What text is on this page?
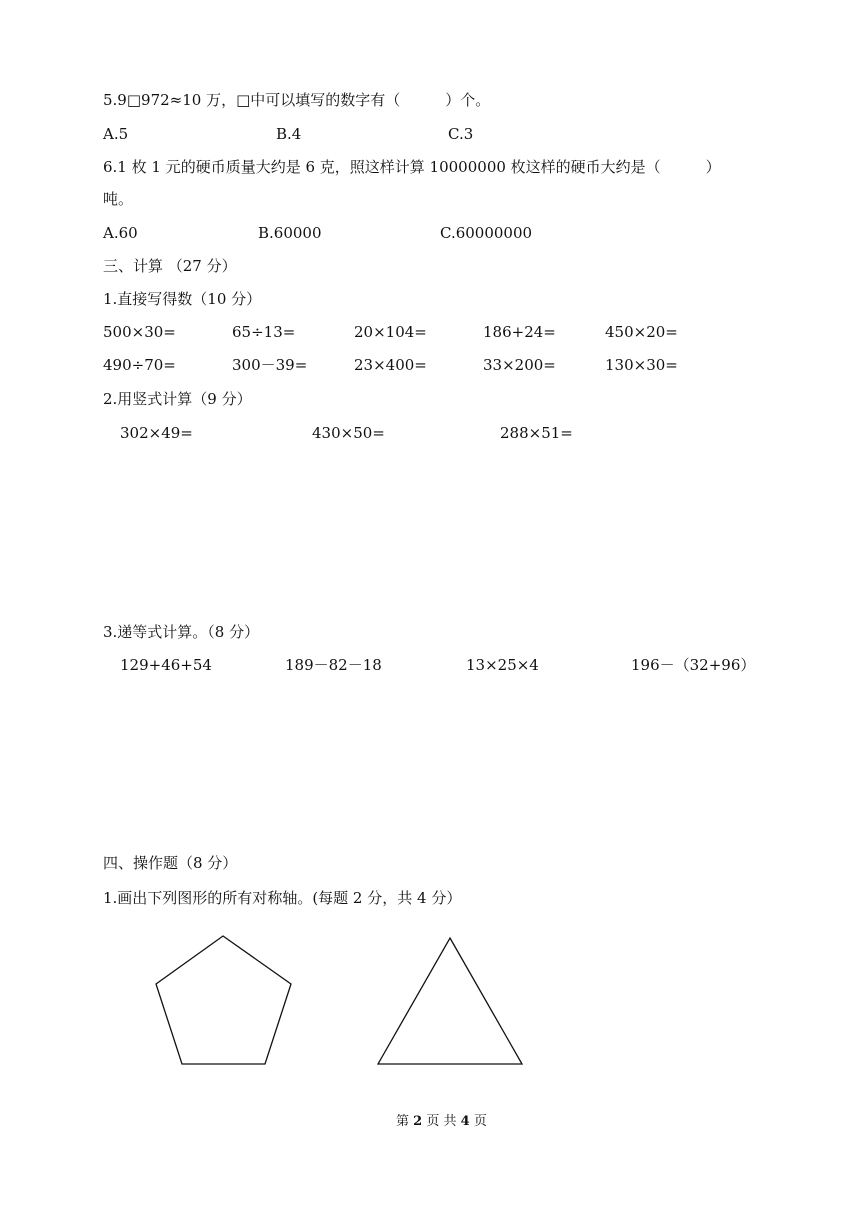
5.9□972≈10 万，□中可以填写的数字有（　　　）个。
A.5	B.4	C.3
6.1 枚 1 元的硬币质量大约是 6 克，照这样计算 10000000 枚这样的硬币大约是（　　　）
吨。
A.60	B.60000	C.60000000
三、计算 （27 分）
1.直接写得数（10 分）
500×30=	65÷13=	20×104=	186+24=	450×20=
490÷70=	300－39=	23×400=	33×200=	130×30=
2.用竖式计算（9 分）
302×49=	430×50=	288×51=
3.递等式计算。（8 分）
129+46+54	189－82－18	13×25×4	196－（32+96）
四、操作题（8 分）
1.画出下列图形的所有对称轴。(每题 2 分，共 4 分）
第 2 页 共 4 页
